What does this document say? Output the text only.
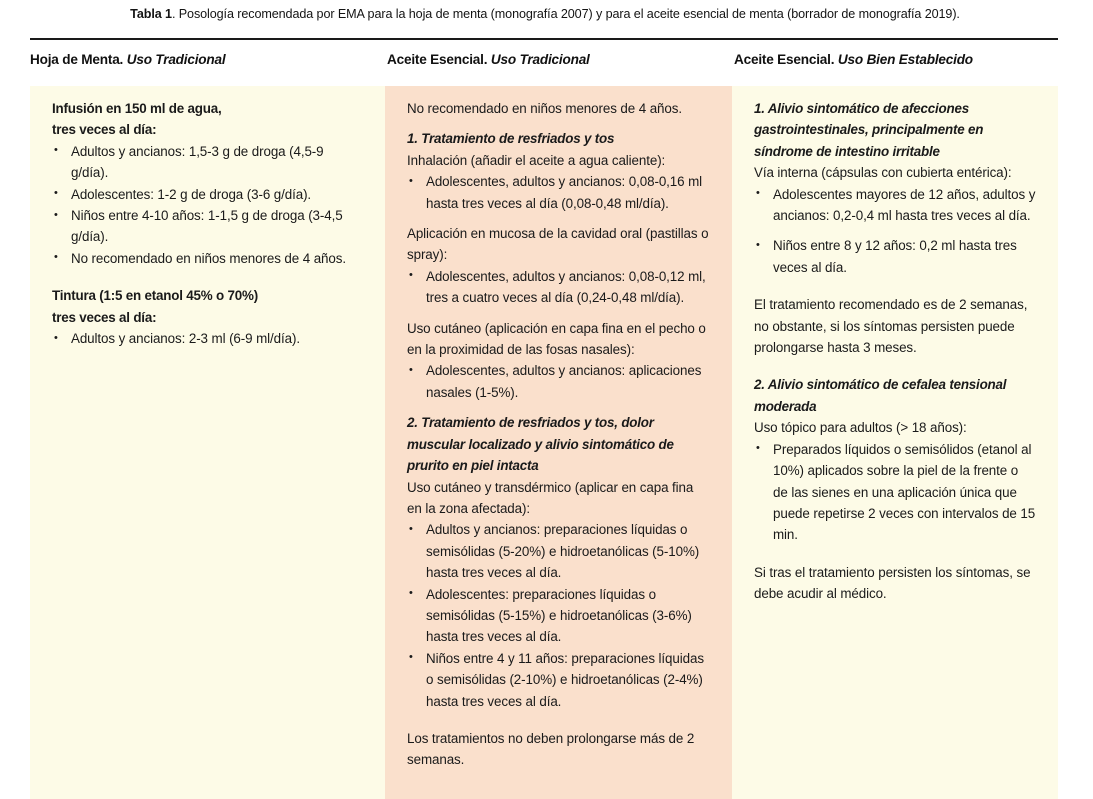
Tabla 1. Posología recomendada por EMA para la hoja de menta (monografía 2007) y para el aceite esencial de menta (borrador de monografía 2019).
Hoja de Menta. Uso Tradicional	Aceite Esencial. Uso Tradicional	Aceite Esencial. Uso Bien Establecido

Infusión en 150 ml de agua,

tres veces al día:

• Adultos y ancianos: 1,5-3 g de droga (4,5-9 g/día).
• Adolescentes: 1-2 g de droga (3-6 g/día).
• Niños entre 4-10 años: 1-1,5 g de droga (3-4,5 g/día).
• No recomendado en niños menores de 4 años.

Tintura (1:5 en etanol 45% o 70%)

tres veces al día:

• Adultos y ancianos: 2-3 ml (6-9 ml/día).

No recomendado en niños menores de 4 años.

1. Tratamiento de resfriados y tos

Inhalación (añadir el aceite a agua caliente):

• Adolescentes, adultos y ancianos: 0,08-0,16 ml hasta tres veces al día (0,08-0,48 ml/día).

Aplicación en mucosa de la cavidad oral (pastillas o spray):

• Adolescentes, adultos y ancianos: 0,08-0,12 ml, tres a cuatro veces al día (0,24-0,48 ml/día).

Uso cutáneo (aplicación en capa fina en el pecho o en la proximidad de las fosas nasales):

• Adolescentes, adultos y ancianos: aplicaciones nasales (1-5%).

2. Tratamiento de resfriados y tos, dolor muscular localizado y alivio sintomático de prurito en piel intacta

Uso cutáneo y transdérmico (aplicar en capa fina en la zona afectada):

• Adultos y ancianos: preparaciones líquidas o semisólidas (5-20%) e hidroetanólicas (5-10%) hasta tres veces al día.
• Adolescentes: preparaciones líquidas o semisólidas (5-15%) e hidroetanólicas (3-6%) hasta tres veces al día.
• Niños entre 4 y 11 años: preparaciones líquidas o semisólidas (2-10%) e hidroetanólicas (2-4%) hasta tres veces al día.

Los tratamientos no deben prolongarse más de 2 semanas.

1. Alivio sintomático de afecciones gastrointestinales, principalmente en síndrome de intestino irritable

Vía interna (cápsulas con cubierta entérica):

• Adolescentes mayores de 12 años, adultos y ancianos: 0,2-0,4 ml hasta tres veces al día.
• Niños entre 8 y 12 años: 0,2 ml hasta tres veces al día.

El tratamiento recomendado es de 2 semanas, no obstante, si los síntomas persisten puede prolongarse hasta 3 meses.

2. Alivio sintomático de cefalea tensional moderada

Uso tópico para adultos (> 18 años):

• Preparados líquidos o semisólidos (etanol al 10%) aplicados sobre la piel de la frente o de las sienes en una aplicación única que puede repetirse 2 veces con intervalos de 15 min.

Si tras el tratamiento persisten los síntomas, se debe acudir al médico.
